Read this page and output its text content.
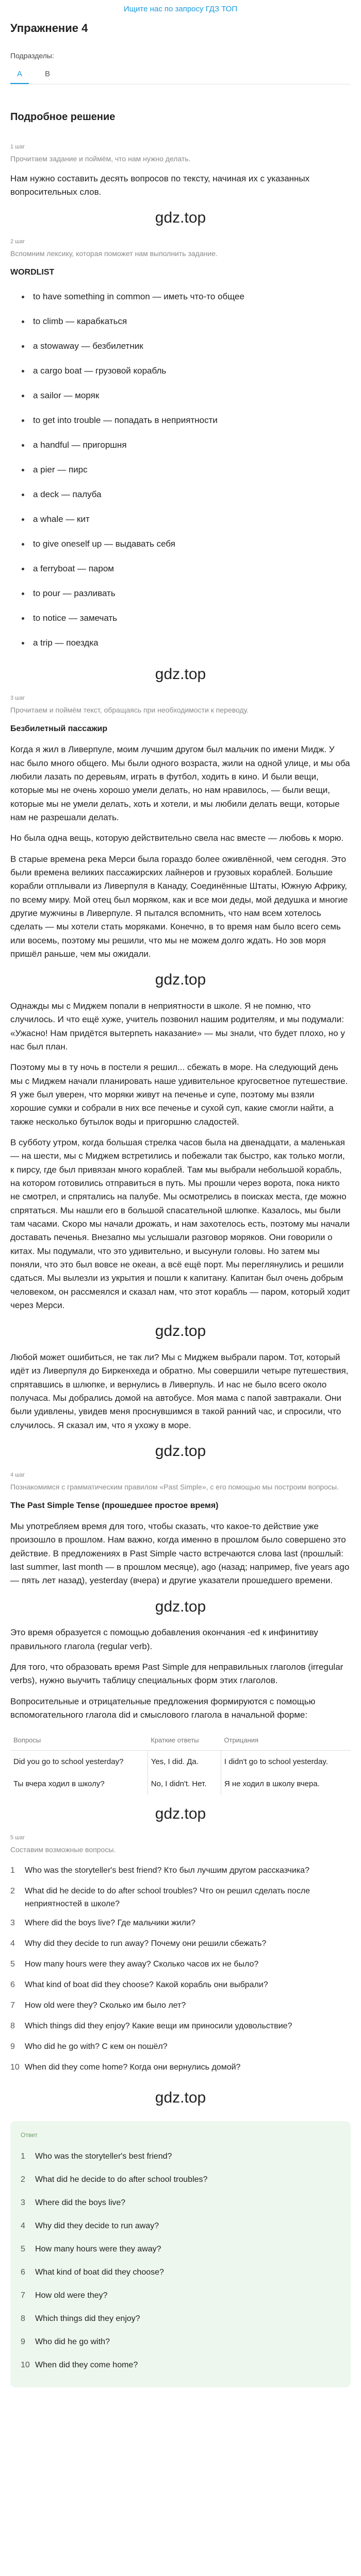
Ищите нас по запросу ГДЗ ТОП
Упражнение 4
Подразделы:
A	B
Подробное решение
1 шаг
Прочитаем задание и поймём, что нам нужно делать.
Нам нужно составить десять вопросов по тексту, начиная их с указанных вопросительных слов.
gdz.top
2 шаг
Вспомним лексику, которая поможет нам выполнить задание.
WORDLIST
to have something in common — иметь что-то общее
to climb — карабкаться
a stowaway — безбилетник
a cargo boat — грузовой корабль
a sailor — моряк
to get into trouble — попадать в неприятности
a handful — пригоршня
a pier — пирс
a deck — палуба
a whale — кит
to give oneself up — выдавать себя
a ferryboat — паром
to pour — разливать
to notice — замечать
a trip — поездка
gdz.top
3 шаг
Прочитаем и поймём текст, обращаясь при необходимости к переводу.
Безбилетный пассажир
Когда я жил в Ливерпуле, моим лучшим другом был мальчик по имени Мидж. У нас было много общего. Мы были одного возраста, жили на одной улице, и мы оба любили лазать по деревьям, играть в футбол, ходить в кино. И были вещи, которые мы не очень хорошо умели делать, но нам нравилось, — были вещи, которые мы не умели делать, хоть и хотели, и мы любили делать вещи, которые нам не разрешали делать.
Но была одна вещь, которую действительно свела нас вместе — любовь к морю.
В старые времена река Мерси была гораздо более оживлённой, чем сегодня. Это были времена великих пассажирских лайнеров и грузовых кораблей. Большие корабли отплывали из Ливерпуля в Канаду, Соединённые Штаты, Южную Африку, по всему миру. Мой отец был моряком, как и все мои деды, мой дедушка и многие другие мужчины в Ливерпуле. Я пытался вспомнить, что нам всем хотелось сделать — мы хотели стать моряками. Конечно, в то время нам было всего семь или восемь, поэтому мы решили, что мы не можем долго ждать. Но зов моря пришёл раньше, чем мы ожидали.
gdz.top
Однажды мы с Миджем попали в неприятности в школе. Я не помню, что случилось. И что ещё хуже, учитель позвонил нашим родителям, и мы подумали: «Ужасно! Нам придётся вытерпеть наказание» — мы знали, что будет плохо, но у нас был план.
Поэтому мы в ту ночь в постели я решил... сбежать в море. На следующий день мы с Миджем начали планировать наше удивительное кругосветное путешествие. Я уже был уверен, что моряки живут на печенье и супе, поэтому мы взяли хорошие сумки и собрали в них все печенье и сухой суп, какие смогли найти, а также несколько бутылок воды и пригоршню сладостей.
В субботу утром, когда большая стрелка часов была на двенадцати, а маленькая — на шести, мы с Миджем встретились и побежали так быстро, как только могли, к пирсу, где был привязан много кораблей. Там мы выбрали небольшой корабль, на котором готовились отправиться в путь. Мы прошли через ворота, пока никто не смотрел, и спрятались на палубе. Мы осмотрелись в поисках места, где можно спрятаться. Мы нашли его в большой спасательной шлюпке. Казалось, мы были там часами. Скоро мы начали дрожать, и нам захотелось есть, поэтому мы начали доставать печенья. Внезапно мы услышали разговор моряков. Они говорили о китах. Мы подумали, что это удивительно, и высунули головы. Но затем мы поняли, что это был вовсе не океан, а всё ещё порт. Мы переглянулись и решили сдаться. Мы вылезли из укрытия и пошли к капитану. Капитан был очень добрым человеком, он рассмеялся и сказал нам, что этот корабль — паром, который ходит через Мерси.
gdz.top
Любой может ошибиться, не так ли? Мы с Миджем выбрали паром. Тот, который идёт из Ливерпуля до Биркенхеда и обратно. Мы совершили четыре путешествия, спрятавшись в шлюпке, и вернулись в Ливерпуль. И нас не было всего около получаса. Мы добрались домой на автобусе. Моя мама с папой завтракали. Они были удивлены, увидев меня проснувшимся в такой ранний час, и спросили, что случилось. Я сказал им, что я ухожу в море.
gdz.top
4 шаг
Познакомимся с грамматическим правилом «Past Simple», с его помощью мы построим вопросы.
The Past Simple Tense (прошедшее простое время)
Мы употребляем время для того, чтобы сказать, что какое-то действие уже произошло в прошлом. Нам важно, когда именно в прошлом было совершено это действие. В предложениях в Past Simple часто встречаются слова last (прошлый: last summer, last month — в прошлом месяце), ago (назад; например, five years ago — пять лет назад), yesterday (вчера) и другие указатели прошедшего времени.
gdz.top
Это время образуется с помощью добавления окончания -ed к инфинитиву правильного глагола (regular verb).
Для того, что образовать время Past Simple для неправильных глаголов (irregular verbs), нужно выучить таблицу специальных форм этих глаголов.
Вопросительные и отрицательные предложения формируются с помощью вспомогательного глагола did и смыслового глагола в начальной форме:
Вопросы	Краткие ответы	Отрицания
Did you go to school yesterday?	Yes, I did. Да.	I didn't go to school yesterday.
Ты вчера ходил в школу?	No, I didn't. Нет.	Я не ходил в школу вчера.
gdz.top
5 шаг
Составим возможные вопросы.
1	Who was the storyteller's best friend? Кто был лучшим другом рассказчика?
2	What did he decide to do after school troubles? Что он решил сделать после неприятностей в школе?
3	Where did the boys live? Где мальчики жили?
4	Why did they decide to run away? Почему они решили сбежать?
5	How many hours were they away? Сколько часов их не было?
6	What kind of boat did they choose? Какой корабль они выбрали?
7	How old were they? Сколько им было лет?
8	Which things did they enjoy? Какие вещи им приносили удовольствие?
9	Who did he go with? С кем он пошёл?
10 When did they come home? Когда они вернулись домой?
gdz.top
Ответ
1	Who was the storyteller's best friend?
2	What did he decide to do after school troubles?
3	Where did the boys live?
4	Why did they decide to run away?
5	How many hours were they away?
6	What kind of boat did they choose?
7	How old were they?
8	Which things did they enjoy?
9	Who did he go with?
10 When did they come home?
